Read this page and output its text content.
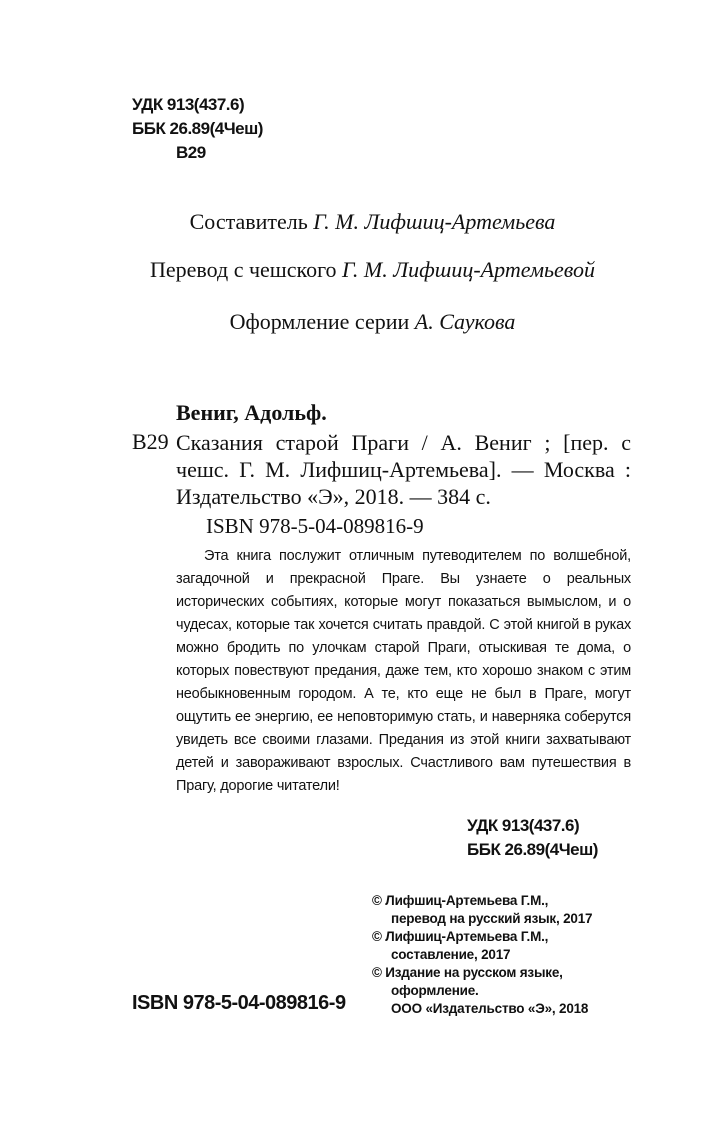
УДК 913(437.6)
ББК 26.89(4Чеш)
В29
Составитель Г. М. Лифшиц-Артемьева
Перевод с чешского Г. М. Лифшиц-Артемьевой
Оформление серии А. Саукова
Вениг, Адольф.
В29 Сказания старой Праги / А. Вениг ; [пер. с чешс. Г. М. Лифшиц-Артемьева]. — Москва : Издательство «Э», 2018. — 384 с.
ISBN 978-5-04-089816-9

Эта книга послужит отличным путеводителем по волшебной, загадочной и прекрасной Праге. Вы узнаете о реальных исторических событиях, которые могут показаться вымыслом, и о чудесах, которые так хочется считать правдой. С этой книгой в руках можно бродить по улочкам старой Праги, отыскивая те дома, о которых повествуют предания, даже тем, кто хорошо знаком с этим необыкновенным городом. А те, кто еще не был в Праге, могут ощутить ее энергию, ее неповторимую стать, и наверняка соберутся увидеть все своими глазами. Предания из этой книги захватывают детей и завораживают взрослых. Счастливого вам путешествия в Прагу, дорогие читатели!

УДК 913(437.6)
ББК 26.89(4Чеш)
© Лифшиц-Артемьева Г.М.,
перевод на русский язык, 2017
© Лифшиц-Артемьева Г.М.,
составление, 2017
© Издание на русском языке,
оформление.
ООО «Издательство «Э», 2018
ISBN 978-5-04-089816-9
